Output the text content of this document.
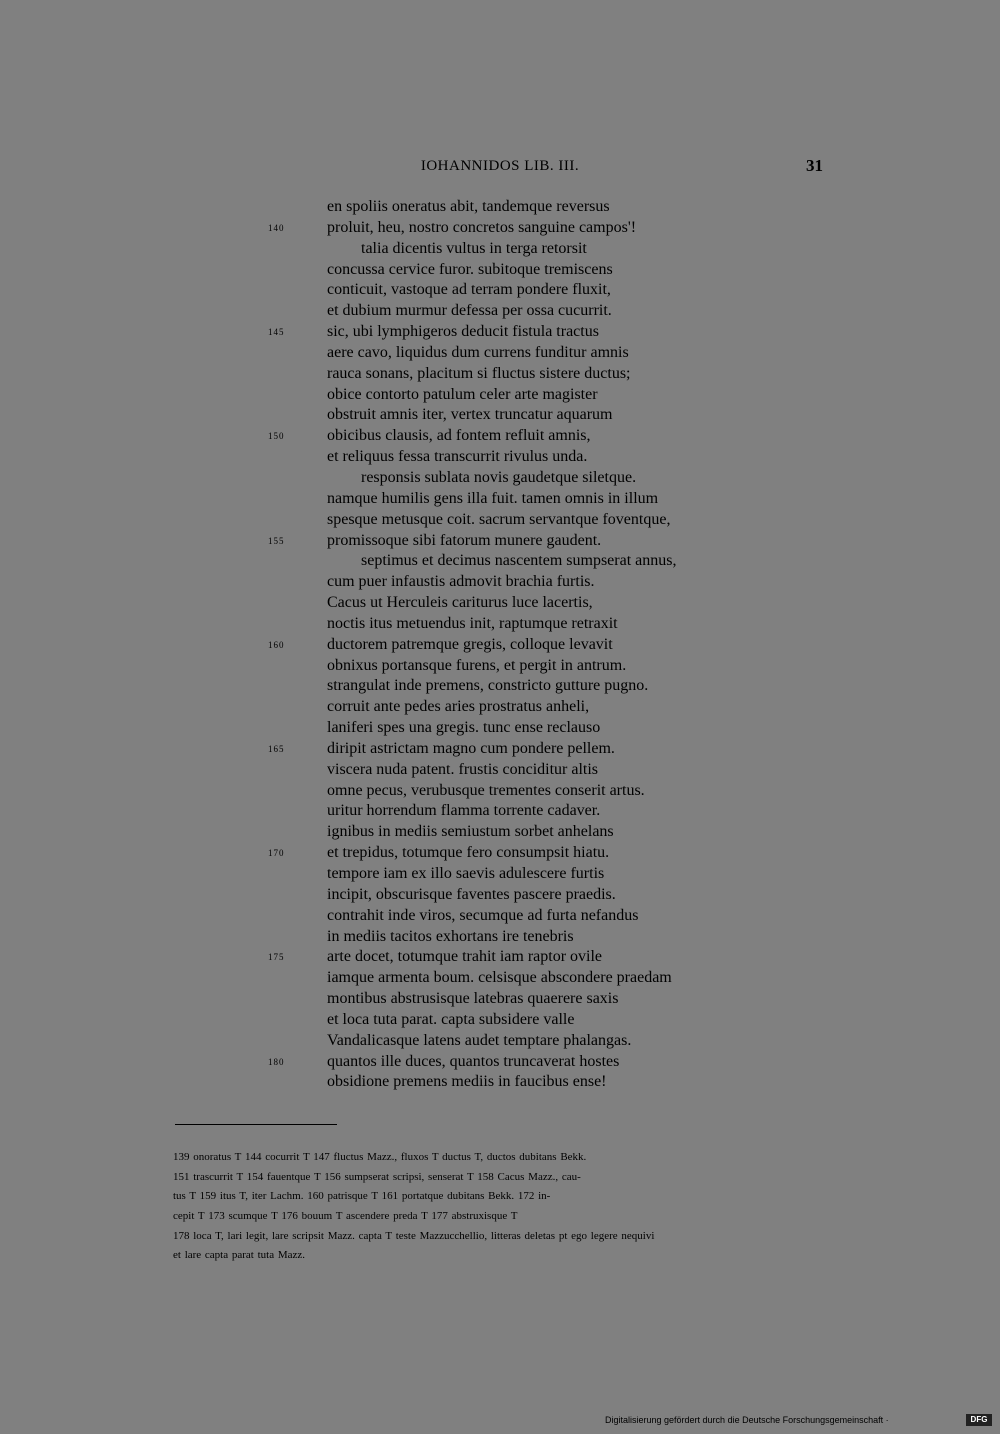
IOHANNIDOS LIB. III.	31
en spoliis oneratus abit, tandemque reversus
140	proluit, heu, nostro concretos sanguine campos'!
talia dicentis vultus in terga retorsit
concussa cervice furor. subitoque tremiscens
conticuit, vastoque ad terram pondere fluxit,
et dubium murmur defessa per ossa cucurrit.
145	sic, ubi lymphigeros deducit fistula tractus
aere cavo, liquidus dum currens funditur amnis
rauca sonans, placitum si fluctus sistere ductus;
obice contorto patulum celer arte magister
obstruit amnis iter, vertex truncatur aquarum
150	obicibus clausis, ad fontem refluit amnis,
et reliquus fessa transcurrit rivulus unda.
responsis sublata novis gaudetque siletque.
namque humilis gens illa fuit. tamen omnis in illum
spesque metusque coit. sacrum servantque foventque,
155	promissoque sibi fatorum munere gaudent.
septimus et decimus nascentem sumpserat annus,
cum puer infaustis admovit brachia furtis.
Cacus ut Herculeis cariturus luce lacertis,
noctis itus metuendus init, raptumque retraxit
160	ductorem patremque gregis, colloque levavit
obnixus portansque furens, et pergit in antrum.
strangulat inde premens, constricto gutture pugno.
corruit ante pedes aries prostratus anheli,
laniferi spes una gregis. tunc ense reclauso
165	diripit astrictam magno cum pondere pellem.
viscera nuda patent. frustis conciditur altis
omne pecus, verubusque trementes conserit artus.
uritur horrendum flamma torrente cadaver.
ignibus in mediis semiustum sorbet anhelans
170	et trepidus, totumque fero consumpsit hiatu.
tempore iam ex illo saevis adulescere furtis
incipit, obscurisque faventes pascere praedis.
contrahit inde viros, secumque ad furta nefandus
in mediis tacitos exhortans ire tenebris
175	arte docet, totumque trahit iam raptor ovile
iamque armenta boum. celsisque abscondere praedam
montibus abstrusisque latebras quaerere saxis
et loca tuta parat. capta subsidere valle
Vandalicasque latens audet temptare phalangas.
180	quantos ille duces, quantos truncaverat hostes
obsidione premens mediis in faucibus ense!
139 onoratus T 144 cocurrit T 147 fluctus Mazz., fluxos T ductus T, ductos dubitans Bekk.
151 trascurrit T 154 fauentque T 156 sumpserat scripsi, senserat T 158 Cacus Mazz., cau-
tus T 159 itus T, iter Lachm. 160 patrisque T 161 portatque dubitans Bekk. 172 in-
cepit T 173 scumque T 176 bouum T ascendere preda T 177 abstruxisque T
178 loca T, lari legit, lare scripsit Mazz. capta T teste Mazzucchellio, litteras deletas pt ego legere nequivi
et lare capta parat tuta Mazz.
Digitalisierung gefördert durch die Deutsche Forschungsgemeinschaft ·	DFG
